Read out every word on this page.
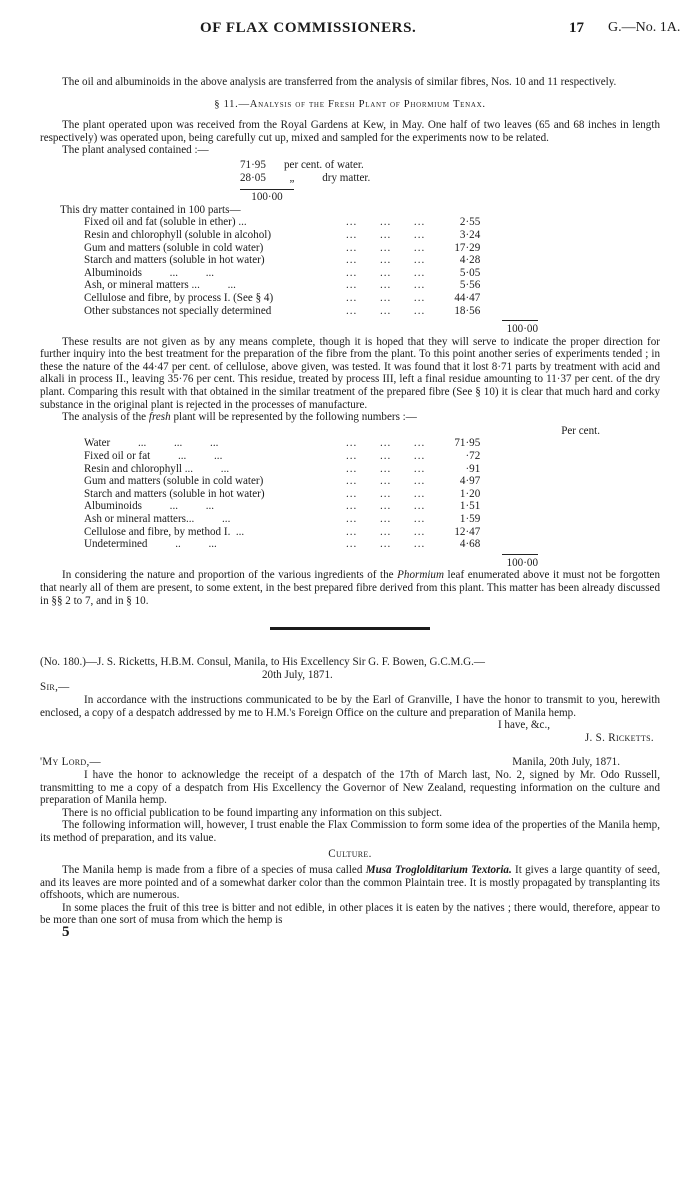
OF FLAX COMMISSIONERS.	17 G.—No. 1A.

The oil and albuminoids in the above analysis are transferred from the analysis of similar fibres, Nos. 10 and 11 respectively.

§ 11.—Analysis of the Fresh Plant of Phormium Tenax.

The plant operated upon was received from the Royal Gardens at Kew, in May. One half of two leaves (65 and 68 inches in length respectively) was operated upon, being carefully cut up, mixed and sampled for the experiments now to be related.

The plant analysed contained :—

71·95	per cent. of water.
28·05	„          dry matter.
100·00

This dry matter contained in 100 parts—

Fixed oil and fat (soluble in ether) ...	...      ...      ...	2·55
Resin and chlorophyll (soluble in alcohol)	...      ...      ...	3·24
Gum and matters (soluble in cold water)	...      ...      ...	17·29
Starch and matters (soluble in hot water)	...      ...      ...	4·28
Albuminoids          ...          ...	...      ...      ...	5·05
Ash, or mineral matters ...          ...	...      ...      ...	5·56
Cellulose and fibre, by process I. (See § 4)	...      ...      ...	44·47
Other substances not specially determined	...      ...      ...	18·56
100·00

These results are not given as by any means complete, though it is hoped that they will serve to indicate the proper direction for further inquiry into the best treatment for the preparation of the fibre from the plant. To this point another series of experiments tended ; in these the nature of the 44·47 per cent. of cellulose, above given, was tested. It was found that it lost 8·71 parts by treatment with acid and alkali in process II., leaving 35·76 per cent. This residue, treated by process III, left a final residue amounting to 11·37 per cent. of the dry plant. Comparing this result with that obtained in the similar treatment of the prepared fibre (See § 10) it is clear that much hard and corky substance in the original plant is rejected in the processes of manufacture.

The analysis of the fresh plant will be represented by the following numbers :—

Per cent.
Water          ...          ...          ...	...      ...      ...	71·95
Fixed oil or fat          ...          ...	...      ...      ...	·72
Resin and chlorophyll ...          ...	...      ...      ...	·91
Gum and matters (soluble in cold water)	...      ...      ...	4·97
Starch and matters (soluble in hot water)	...      ...      ...	1·20
Albuminoids          ...          ...	...      ...      ...	1·51
Ash or mineral matters...          ...	...      ...      ...	1·59
Cellulose and fibre, by method I.  ...	...      ...      ...	12·47
Undetermined          ..          ...	...      ...      ...	4·68
100·00

In considering the nature and proportion of the various ingredients of the Phormium leaf enumerated above it must not be forgotten that nearly all of them are present, to some extent, in the best prepared fibre derived from this plant. This matter has been already discussed in §§ 2 to 7, and in § 10.

(No. 180.)—J. S. Ricketts, H.B.M. Consul, Manila, to His Excellency Sir G. F. Bowen, G.C.M.G.—

20th July, 1871.

Sir,—

In accordance with the instructions communicated to be by the Earl of Granville, I have the honor to transmit to you, herewith enclosed, a copy of a despatch addressed by me to H.M.'s Foreign Office on the culture and preparation of Manila hemp.

I have, &c.,

J. S. Ricketts.

'My Lord,—	Manila, 20th July, 1871.

I have the honor to acknowledge the receipt of a despatch of the 17th of March last, No. 2, signed by Mr. Odo Russell, transmitting to me a copy of a despatch from His Excellency the Governor of New Zealand, requesting information on the culture and preparation of Manila hemp.

There is no official publication to be found imparting any information on this subject.

The following information will, however, I trust enable the Flax Commission to form some idea of the properties of the Manila hemp, its method of preparation, and its value.

Culture.

The Manila hemp is made from a fibre of a species of musa called Musa Troglolditarium Textoria. It gives a large quantity of seed, and its leaves are more pointed and of a somewhat darker color than the common Plaintain tree. It is mostly propagated by transplanting its offshoots, which are numerous.

In some places the fruit of this tree is bitter and not edible, in other places it is eaten by the natives ; there would, therefore, appear to be more than one sort of musa from which the hemp is

5
